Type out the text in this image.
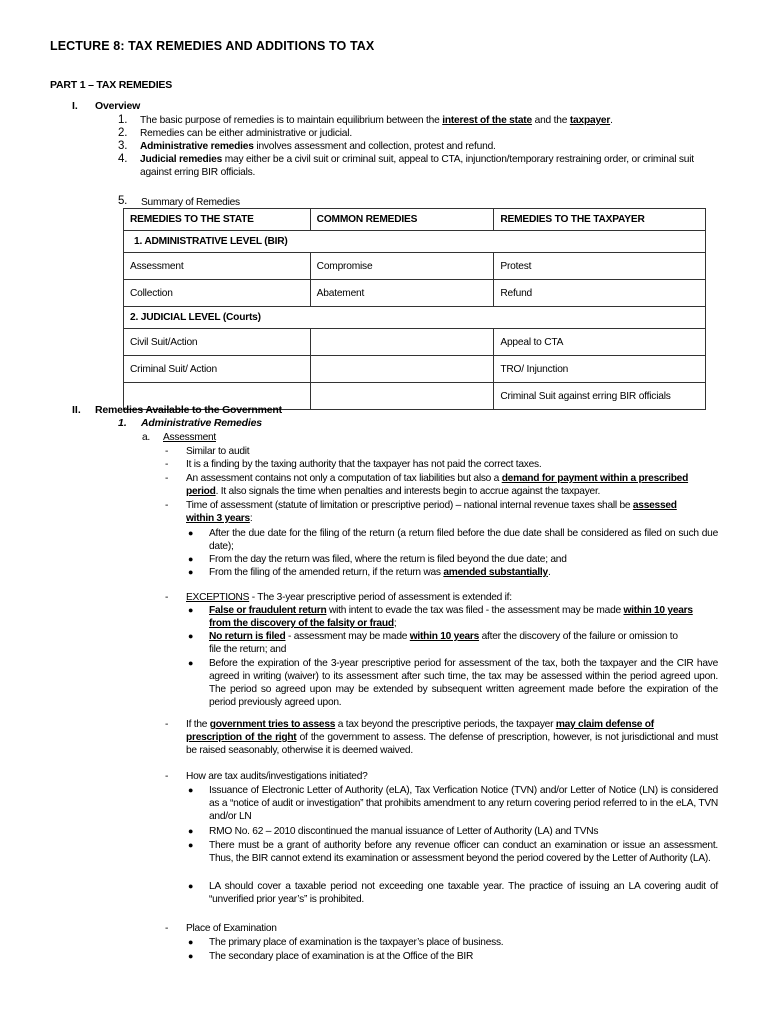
LECTURE 8: TAX REMEDIES AND ADDITIONS TO TAX
PART 1 – TAX REMEDIES
I. Overview
1.	The basic purpose of remedies is to maintain equilibrium between the interest of the state and the taxpayer.
2.	Remedies can be either administrative or judicial.
3.	Administrative remedies involves assessment and collection, protest and refund.
4.	Judicial remedies may either be a civil suit or criminal suit, appeal to CTA, injunction/temporary restraining order, or criminal suit against erring BIR officials.
5. Summary of Remedies
REMEDIES TO THE STATE	COMMON REMEDIES	REMEDIES TO THE TAXPAYER
1. ADMINISTRATIVE LEVEL (BIR)		
Assessment	Compromise	Protest
Collection	Abatement	Refund
2. JUDICIAL LEVEL (Courts)		
Civil Suit/Action		Appeal to CTA
Criminal Suit/ Action		TRO/ Injunction
		Criminal Suit against erring BIR officials
II. Remedies Available to the Government
1. Administrative Remedies
a. Assessment
- Similar to audit
- It is a finding by the taxing authority that the taxpayer has not paid the correct taxes.
- An assessment contains not only a computation of tax liabilities but also a demand for payment within a prescribed
period. It also signals the time when penalties and interests begin to accrue against the taxpayer.
- Time of assessment (statute of limitation or prescriptive period) – national internal revenue taxes shall be assessed
within 3 years:
● After the due date for the filing of the return (a return filed before the due date shall be considered as filed on such due date);
● From the day the return was filed, where the return is filed beyond the due date; and
● From the filing of the amended return, if the return was amended substantially.
- EXCEPTIONS - The 3-year prescriptive period of assessment is extended if:
● False or fraudulent return with intent to evade the tax was filed - the assessment may be made within 10 years
from the discovery of the falsity or fraud;
● No return is filed - assessment may be made within 10 years after the discovery of the failure or omission to
file the return; and
● Before the expiration of the 3-year prescriptive period for assessment of the tax, both the taxpayer and the CIR have agreed in writing (waiver) to its assessment after such time, the tax may be assessed within the period agreed upon. The period so agreed upon may be extended by subsequent written agreement made before the expiration of the period previously agreed upon.
- If the government tries to assess a tax beyond the prescriptive periods, the taxpayer may claim defense of
prescription of the right of the government to assess. The defense of prescription, however, is not jurisdictional and must be raised seasonably, otherwise it is deemed waived.
- How are tax audits/investigations initiated?
● Issuance of Electronic Letter of Authority (eLA), Tax Verfication Notice (TVN) and/or Letter of Notice (LN) is considered as a “notice of audit or investigation” that prohibits amendment to any return covering period referred to in the eLA, TVN and/or LN
● RMO No. 62 – 2010 discontinued the manual issuance of Letter of Authority (LA) and TVNs
● There must be a grant of authority before any revenue officer can conduct an examination or issue an assessment. Thus, the BIR cannot extend its examination or assessment beyond the period covered by the Letter of Authority (LA).
● LA should cover a taxable period not exceeding one taxable year. The practice of issuing an LA covering audit of “unverified prior year’s” is prohibited.
- Place of Examination
● The primary place of examination is the taxpayer’s place of business.
● The secondary place of examination is at the Office of the BIR
